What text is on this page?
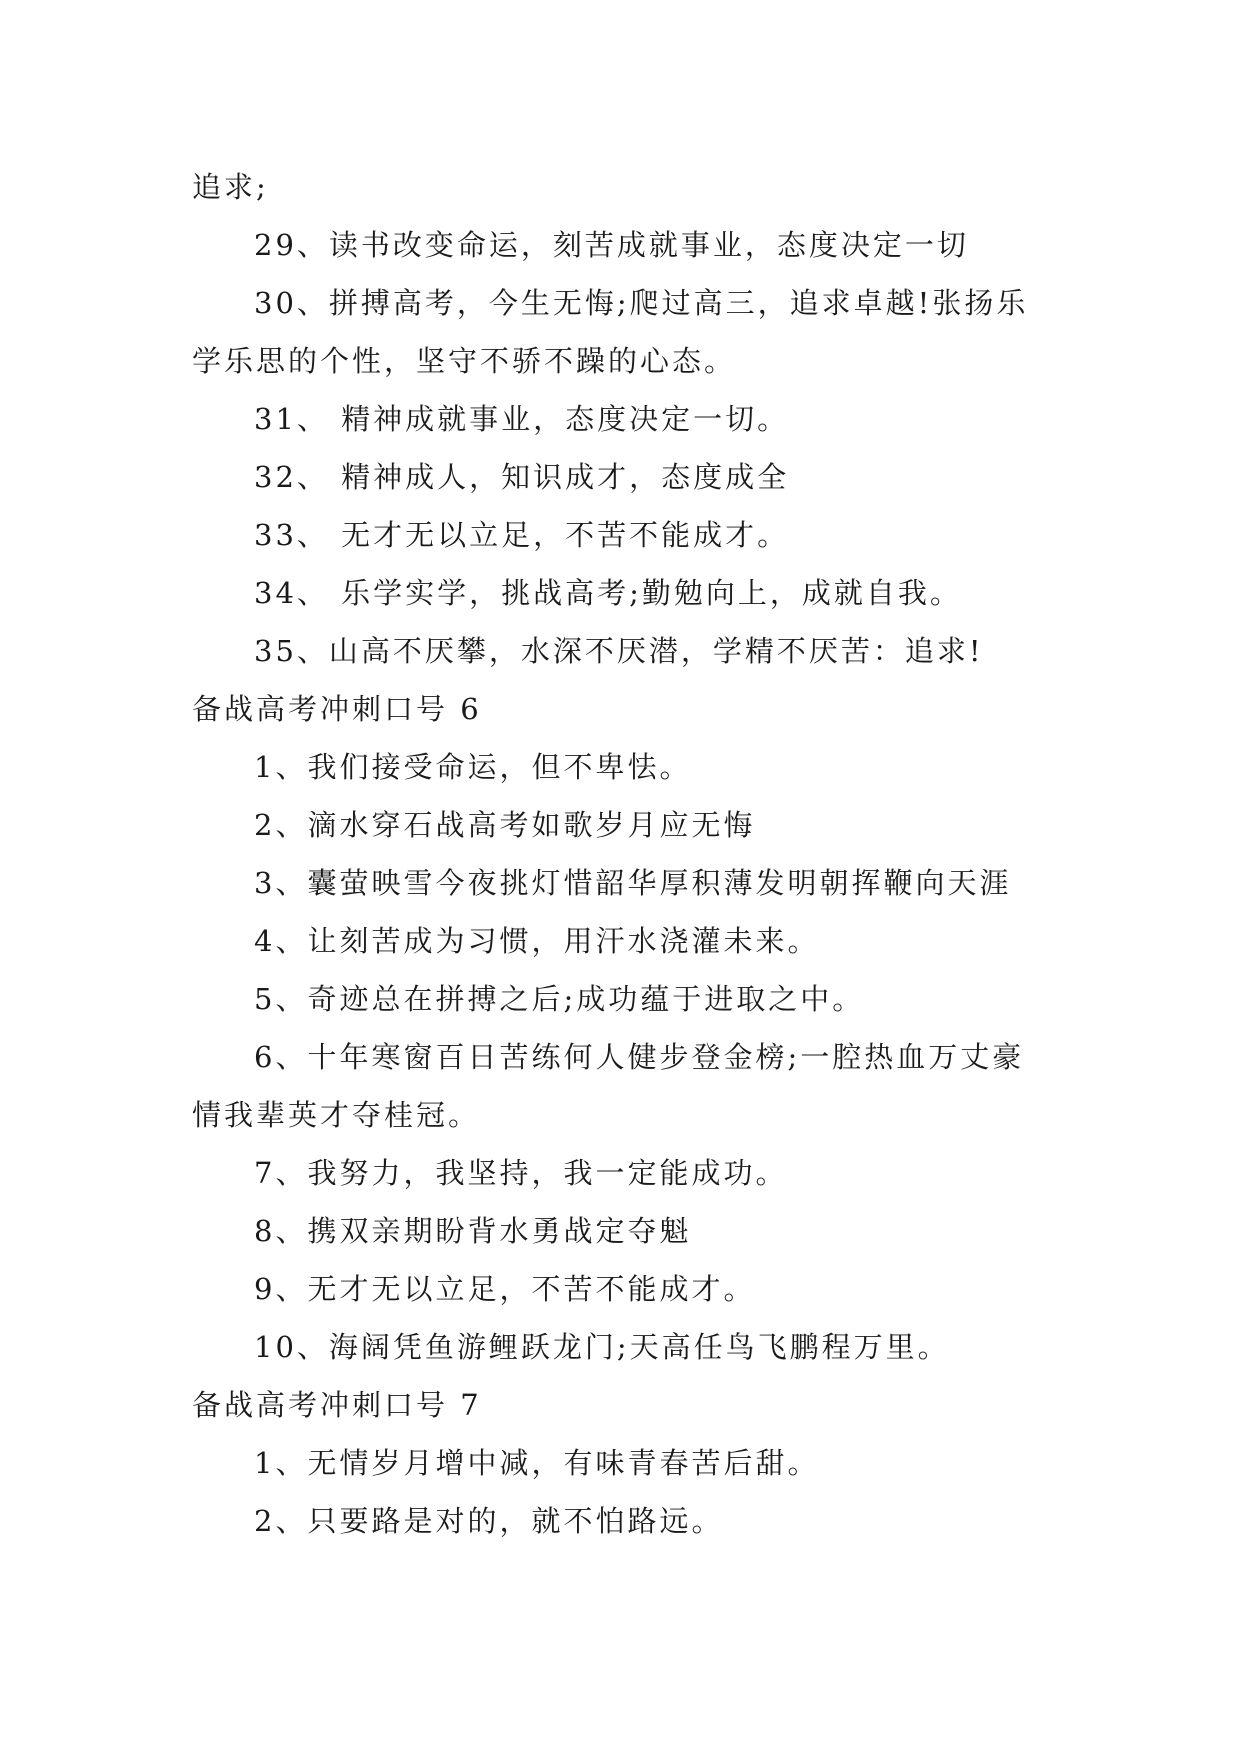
追求;
29、读书改变命运，刻苦成就事业，态度决定一切
30、拼搏高考，今生无悔;爬过高三，追求卓越!张扬乐
学乐思的个性，坚守不骄不躁的心态。
31、 精神成就事业，态度决定一切。
32、 精神成人，知识成才，态度成全
33、 无才无以立足，不苦不能成才。
34、 乐学实学，挑战高考;勤勉向上，成就自我。
35、山高不厌攀，水深不厌潜，学精不厌苦：追求!
备战高考冲刺口号 6
1、我们接受命运，但不卑怯。
2、滴水穿石战高考如歌岁月应无悔
3、囊萤映雪今夜挑灯惜韶华厚积薄发明朝挥鞭向天涯
4、让刻苦成为习惯，用汗水浇灌未来。
5、奇迹总在拼搏之后;成功蕴于进取之中。
6、十年寒窗百日苦练何人健步登金榜;一腔热血万丈豪
情我辈英才夺桂冠。
7、我努力，我坚持，我一定能成功。
8、携双亲期盼背水勇战定夺魁
9、无才无以立足，不苦不能成才。
10、海阔凭鱼游鲤跃龙门;天高任鸟飞鹏程万里。
备战高考冲刺口号 7
1、无情岁月增中减，有味青春苦后甜。
2、只要路是对的，就不怕路远。
